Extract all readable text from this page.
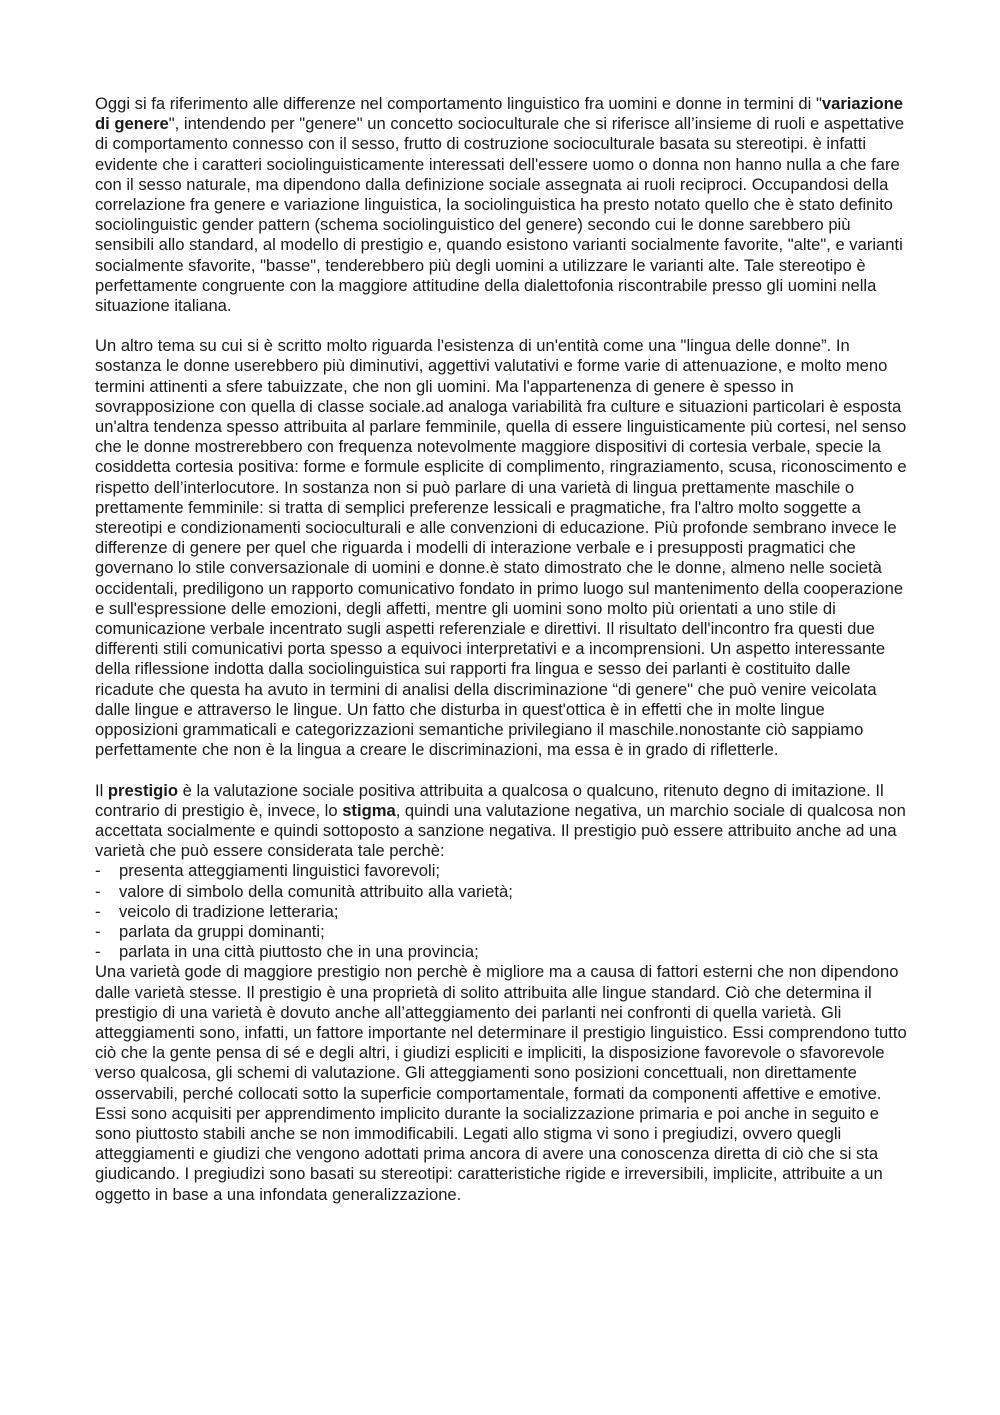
Oggi si fa riferimento alle differenze nel comportamento linguistico fra uomini e donne in termini di "variazione di genere", intendendo per "genere" un concetto socioculturale che si riferisce all’insieme di ruoli e aspettative di comportamento connesso con il sesso, frutto di costruzione socioculturale basata su stereotipi. è infatti evidente che i caratteri sociolinguisticamente interessati dell'essere uomo o donna non hanno nulla a che fare con il sesso naturale, ma dipendono dalla definizione sociale assegnata ai ruoli reciproci. Occupandosi della correlazione fra genere e variazione linguistica, la sociolinguistica ha presto notato quello che è stato definito sociolinguistic gender pattern (schema sociolinguistico del genere) secondo cui le donne sarebbero più sensibili allo standard, al modello di prestigio e, quando esistono varianti socialmente favorite, "alte", e varianti socialmente sfavorite, "basse", tenderebbero più degli uomini a utilizzare le varianti alte. Tale stereotipo è perfettamente congruente con la maggiore attitudine della dialettofonia riscontrabile presso gli uomini nella situazione italiana.

Un altro tema su cui si è scritto molto riguarda l'esistenza di un'entità come una "lingua delle donne”. In sostanza le donne userebbero più diminutivi, aggettivi valutativi e forme varie di attenuazione, e molto meno termini attinenti a sfere tabuizzate, che non gli uomini. Ma l'appartenenza di genere è spesso in sovrapposizione con quella di classe sociale.ad analoga variabilità fra culture e situazioni particolari è esposta un'altra tendenza spesso attribuita al parlare femminile, quella di essere linguisticamente più cortesi, nel senso che le donne mostrerebbero con frequenza notevolmente maggiore dispositivi di cortesia verbale, specie la cosiddetta cortesia positiva: forme e formule esplicite di complimento, ringraziamento, scusa, riconoscimento e rispetto dell’interlocutore. In sostanza non si può parlare di una varietà di lingua prettamente maschile o prettamente femminile: si tratta di semplici preferenze lessicali e pragmatiche, fra l'altro molto soggette a stereotipi e condizionamenti socioculturali e alle convenzioni di educazione. Più profonde sembrano invece le differenze di genere per quel che riguarda i modelli di interazione verbale e i presupposti pragmatici che governano lo stile conversazionale di uomini e donne.è stato dimostrato che le donne, almeno nelle società occidentali, prediligono un rapporto comunicativo fondato in primo luogo sul mantenimento della cooperazione e sull'espressione delle emozioni, degli affetti, mentre gli uomini sono molto più orientati a uno stile di comunicazione verbale incentrato sugli aspetti referenziale e direttivi. Il risultato dell'incontro fra questi due differenti stili comunicativi porta spesso a equivoci interpretativi e a incomprensioni. Un aspetto interessante della riflessione indotta dalla sociolinguistica sui rapporti fra lingua e sesso dei parlanti è costituito dalle ricadute che questa ha avuto in termini di analisi della discriminazione “di genere" che può venire veicolata dalle lingue e attraverso le lingue. Un fatto che disturba in quest'ottica è in effetti che in molte lingue opposizioni grammaticali e categorizzazioni semantiche privilegiano il maschile.nonostante ciò sappiamo perfettamente che non è la lingua a creare le discriminazioni, ma essa è in grado di rifletterle.

Il prestigio è la valutazione sociale positiva attribuita a qualcosa o qualcuno, ritenuto degno di imitazione. Il contrario di prestigio è, invece, lo stigma, quindi una valutazione negativa, un marchio sociale di qualcosa non accettata socialmente e quindi sottoposto a sanzione negativa. Il prestigio può essere attribuito anche ad una varietà che può essere considerata tale perchè:

- presenta atteggiamenti linguistici favorevoli;
- valore di simbolo della comunità attribuito alla varietà;
- veicolo di tradizione letteraria;
- parlata da gruppi dominanti;
- parlata in una città piuttosto che in una provincia;

Una varietà gode di maggiore prestigio non perchè è migliore ma a causa di fattori esterni che non dipendono dalle varietà stesse. Il prestigio è una proprietà di solito attribuita alle lingue standard. Ciò che determina il prestigio di una varietà è dovuto anche all’atteggiamento dei parlanti nei confronti di quella varietà. Gli atteggiamenti sono, infatti, un fattore importante nel determinare il prestigio linguistico. Essi comprendono tutto ciò che la gente pensa di sé e degli altri, i giudizi espliciti e impliciti, la disposizione favorevole o sfavorevole verso qualcosa, gli schemi di valutazione. Gli atteggiamenti sono posizioni concettuali, non direttamente osservabili, perché collocati sotto la superficie comportamentale, formati da componenti affettive e emotive. Essi sono acquisiti per apprendimento implicito durante la socializzazione primaria e poi anche in seguito e sono piuttosto stabili anche se non immodificabili. Legati allo stigma vi sono i pregiudizi, ovvero quegli atteggiamenti e giudizi che vengono adottati prima ancora di avere una conoscenza diretta di ciò che si sta giudicando. I pregiudizi sono basati su stereotipi: caratteristiche rigide e irreversibili, implicite, attribuite a un oggetto in base a una infondata generalizzazione.
